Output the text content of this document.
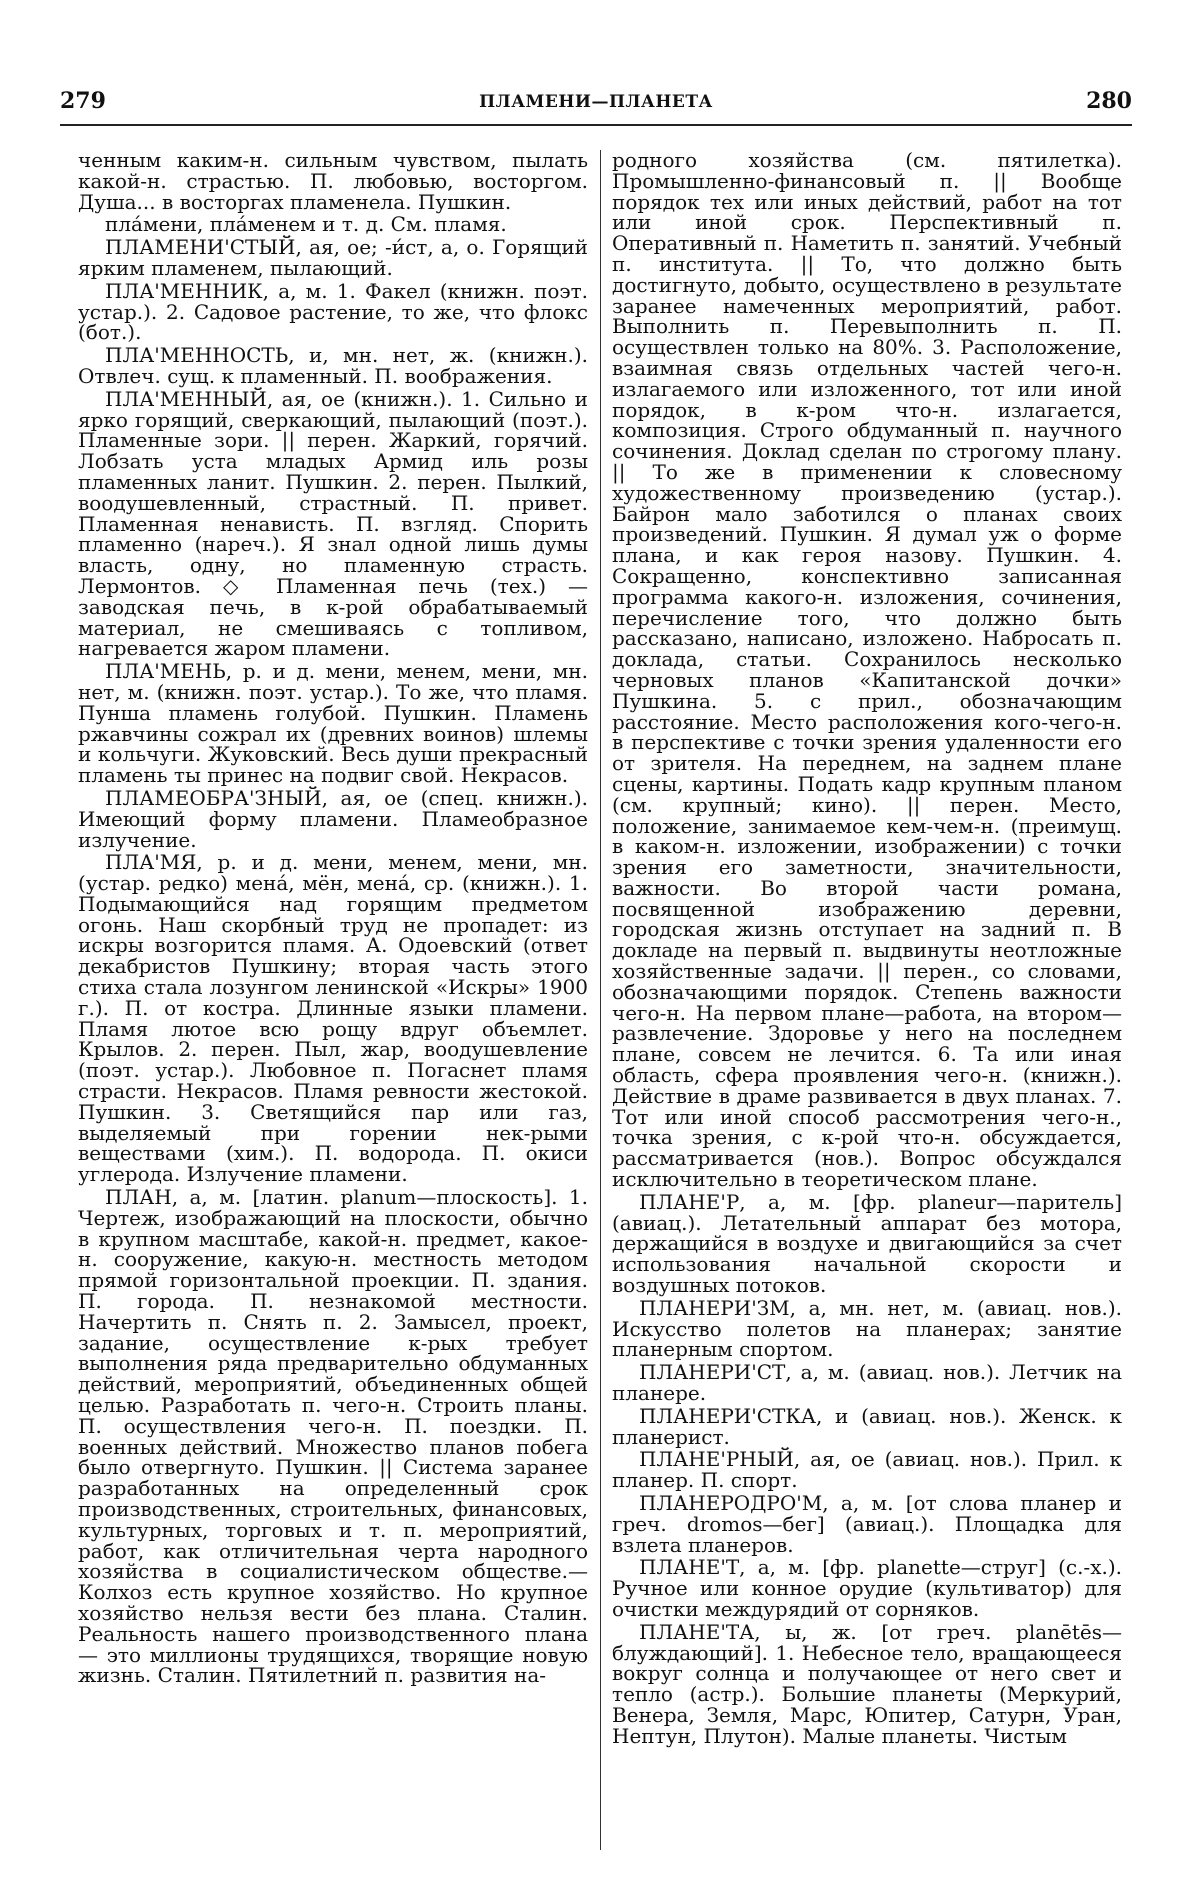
279	ПЛАМЕНИ—ПЛАНЕТА	280

ченным каким-н. сильным чувством, пылать какой-н. страстью. П. любовью, восторгом. Душа... в восторгах пламенела. Пушкин.

пла́мени, пла́менем и т. д. См. пламя.

ПЛАМЕНИ'СТЫЙ, ая, ое; -и́ст, а, о. Горящий ярким пламенем, пылающий.

ПЛА'МЕННИК, а, м. 1. Факел (книжн. поэт. устар.). 2. Садовое растение, то же, что флокс (бот.).

ПЛА'МЕННОСТЬ, и, мн. нет, ж. (книжн.). Отвлеч. сущ. к пламенный. П. воображения.

ПЛА'МЕННЫЙ, ая, ое (книжн.). 1. Сильно и ярко горящий, сверкающий, пылающий (поэт.). Пламенные зори. || перен. Жаркий, горячий. Лобзать уста младых Армид иль розы пламенных ланит. Пушкин. 2. перен. Пылкий, воодушевленный, страстный. П. привет. Пламенная ненависть. П. взгляд. Спорить пламенно (нареч.). Я знал одной лишь думы власть, одну, но пламенную страсть. Лермонтов. ◇ Пламенная печь (тех.) — заводская печь, в к-рой обрабатываемый материал, не смешиваясь с топливом, нагревается жаром пламени.

ПЛА'МЕНЬ, р. и д. мени, менем, мени, мн. нет, м. (книжн. поэт. устар.). То же, что пламя. Пунша пламень голубой. Пушкин. Пламень ржавчины сожрал их (древних воинов) шлемы и кольчуги. Жуковский. Весь души прекрасный пламень ты принес на подвиг свой. Некрасов.

ПЛАМЕОБРА'ЗНЫЙ, ая, ое (спец. книжн.). Имеющий форму пламени. Пламеобразное излучение.

ПЛА'МЯ, р. и д. мени, менем, мени, мн. (устар. редко) мена́, мён, мена́, ср. (книжн.). 1. Подымающийся над горящим предметом огонь. Наш скорбный труд не пропадет: из искры возгорится пламя. А. Одоевский (ответ декабристов Пушкину; вторая часть этого стиха стала лозунгом ленинской «Искры» 1900 г.). П. от костра. Длинные языки пламени. Пламя лютое всю рощу вдруг объемлет. Крылов. 2. перен. Пыл, жар, воодушевление (поэт. устар.). Любовное п. Погаснет пламя страсти. Некрасов. Пламя ревности жестокой. Пушкин. 3. Светящийся пар или газ, выделяемый при горении нек-рыми веществами (хим.). П. водорода. П. окиси углерода. Излучение пламени.

ПЛАН, а, м. [латин. planum—плоскость]. 1. Чертеж, изображающий на плоскости, обычно в крупном масштабе, какой-н. предмет, какое-н. сооружение, какую-н. местность методом прямой горизонтальной проекции. П. здания. П. города. П. незнакомой местности. Начертить п. Снять п. 2. Замысел, проект, задание, осуществление к-рых требует выполнения ряда предварительно обдуманных действий, мероприятий, объединенных общей целью. Разработать п. чего-н. Строить планы. П. осуществления чего-н. П. поездки. П. военных действий. Множество планов побега было отвергнуто. Пушкин. || Система заранее разработанных на определенный срок производственных, строительных, финансовых, культурных, торговых и т. п. мероприятий, работ, как отличительная черта народного хозяйства в социалистическом обществе.—Колхоз есть крупное хозяйство. Но крупное хозяйство нельзя вести без плана. Сталин. Реальность нашего производственного плана — это миллионы трудящихся, творящие новую жизнь. Сталин. Пятилетний п. развития на-

родного хозяйства (см. пятилетка). Промышленно-финансовый п. || Вообще порядок тех или иных действий, работ на тот или иной срок. Перспективный п. Оперативный п. Наметить п. занятий. Учебный п. института. || То, что должно быть достигнуто, добыто, осуществлено в результате заранее намеченных мероприятий, работ. Выполнить п. Перевыполнить п. П. осуществлен только на 80%. 3. Расположение, взаимная связь отдельных частей чего-н. излагаемого или изложенного, тот или иной порядок, в к-ром что-н. излагается, композиция. Строго обдуманный п. научного сочинения. Доклад сделан по строгому плану. || То же в применении к словесному художественному произведению (устар.). Байрон мало заботился о планах своих произведений. Пушкин. Я думал уж о форме плана, и как героя назову. Пушкин. 4. Сокращенно, конспективно записанная программа какого-н. изложения, сочинения, перечисление того, что должно быть рассказано, написано, изложено. Набросать п. доклада, статьи. Сохранилось несколько черновых планов «Капитанской дочки» Пушкина. 5. с прил., обозначающим расстояние. Место расположения кого-чего-н. в перспективе с точки зрения удаленности его от зрителя. На переднем, на заднем плане сцены, картины. Подать кадр крупным планом (см. крупный; кино). || перен. Место, положение, занимаемое кем-чем-н. (преимущ. в каком-н. изложении, изображении) с точки зрения его заметности, значительности, важности. Во второй части романа, посвященной изображению деревни, городская жизнь отступает на задний п. В докладе на первый п. выдвинуты неотложные хозяйственные задачи. || перен., со словами, обозначающими порядок. Степень важности чего-н. На первом плане—работа, на втором—развлечение. Здоровье у него на последнем плане, совсем не лечится. 6. Та или иная область, сфера проявления чего-н. (книжн.). Действие в драме развивается в двух планах. 7. Тот или иной способ рассмотрения чего-н., точка зрения, с к-рой что-н. обсуждается, рассматривается (нов.). Вопрос обсуждался исключительно в теоретическом плане.

ПЛАНЕ'Р, а, м. [фр. planeur—паритель] (авиац.). Летательный аппарат без мотора, держащийся в воздухе и двигающийся за счет использования начальной скорости и воздушных потоков.

ПЛАНЕРИ'ЗМ, а, мн. нет, м. (авиац. нов.). Искусство полетов на планерах; занятие планерным спортом.

ПЛАНЕРИ'СТ, а, м. (авиац. нов.). Летчик на планере.

ПЛАНЕРИ'СТКА, и (авиац. нов.). Женск. к планерист.

ПЛАНЕ'РНЫЙ, ая, ое (авиац. нов.). Прил. к планер. П. спорт.

ПЛАНЕРОДРО'М, а, м. [от слова планер и греч. dromos—бег] (авиац.). Площадка для взлета планеров.

ПЛАНЕ'Т, а, м. [фр. planette—струг] (с.-х.). Ручное или конное орудие (культиватор) для очистки междурядий от сорняков.

ПЛАНЕ'ТА, ы, ж. [от греч. planētēs—блуждающий]. 1. Небесное тело, вращающееся вокруг солнца и получающее от него свет и тепло (астр.). Большие планеты (Меркурий, Венера, Земля, Марс, Юпитер, Сатурн, Уран, Нептун, Плутон). Малые планеты. Чистым
